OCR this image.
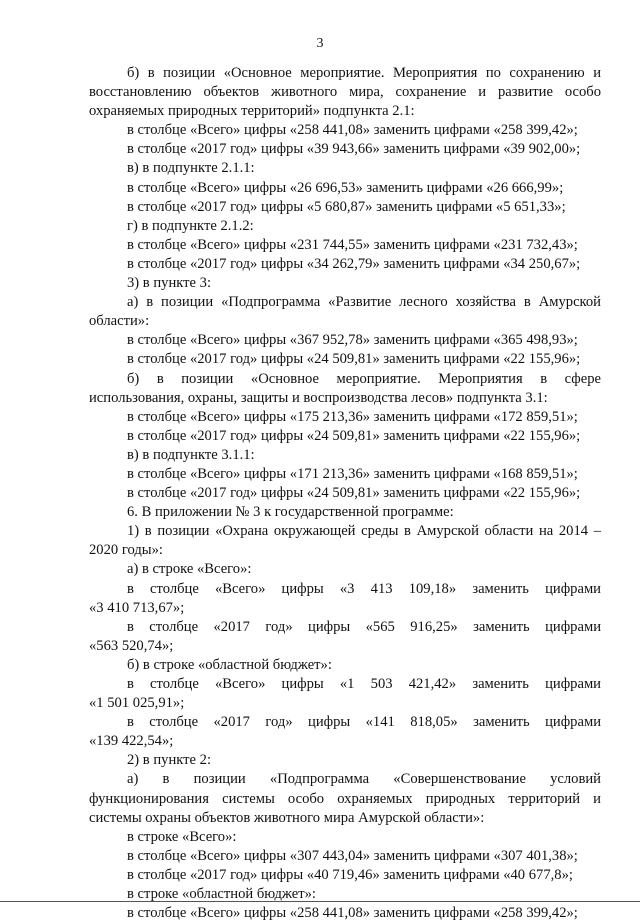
3
б) в позиции «Основное мероприятие. Мероприятия по сохранению и
восстановлению объектов животного мира, сохранение и развитие особо
охраняемых природных территорий» подпункта 2.1:
в столбце «Всего» цифры «258 441,08» заменить цифрами «258 399,42»;
в столбце «2017 год» цифры «39 943,66» заменить цифрами «39 902,00»;
в) в подпункте 2.1.1:
в столбце «Всего» цифры «26 696,53» заменить цифрами «26 666,99»;
в столбце «2017 год» цифры «5 680,87» заменить цифрами «5 651,33»;
г) в подпункте 2.1.2:
в столбце «Всего» цифры «231 744,55» заменить цифрами «231 732,43»;
в столбце «2017 год» цифры «34 262,79» заменить цифрами «34 250,67»;
3) в пункте 3:
а) в позиции «Подпрограмма «Развитие лесного хозяйства в Амурской
области»:
в столбце «Всего» цифры «367 952,78» заменить цифрами «365 498,93»;
в столбце «2017 год» цифры «24 509,81» заменить цифрами «22 155,96»;
б) в позиции «Основное мероприятие. Мероприятия в сфере
использования, охраны, защиты и воспроизводства лесов» подпункта 3.1:
в столбце «Всего» цифры «175 213,36» заменить цифрами «172 859,51»;
в столбце «2017 год» цифры «24 509,81» заменить цифрами «22 155,96»;
в) в подпункте 3.1.1:
в столбце «Всего» цифры «171 213,36» заменить цифрами «168 859,51»;
в столбце «2017 год» цифры «24 509,81» заменить цифрами «22 155,96»;
6. В приложении № 3 к государственной программе:
1) в позиции «Охрана окружающей среды в Амурской области на 2014 –
2020 годы»:
а) в строке «Всего»:
в столбце «Всего» цифры «3 413 109,18» заменить цифрами
«3 410 713,67»;
в столбце «2017 год» цифры «565 916,25» заменить цифрами
«563 520,74»;
б) в строке «областной бюджет»:
в столбце «Всего» цифры «1 503 421,42» заменить цифрами
«1 501 025,91»;
в столбце «2017 год» цифры «141 818,05» заменить цифрами
«139 422,54»;
2) в пункте 2:
а) в позиции «Подпрограмма «Совершенствование условий
функционирования системы особо охраняемых природных территорий и
системы охраны объектов животного мира Амурской области»:
в строке «Всего»:
в столбце «Всего» цифры «307 443,04» заменить цифрами «307 401,38»;
в столбце «2017 год» цифры «40 719,46» заменить цифрами «40 677,8»;
в строке «областной бюджет»:
в столбце «Всего» цифры «258 441,08» заменить цифрами «258 399,42»;
